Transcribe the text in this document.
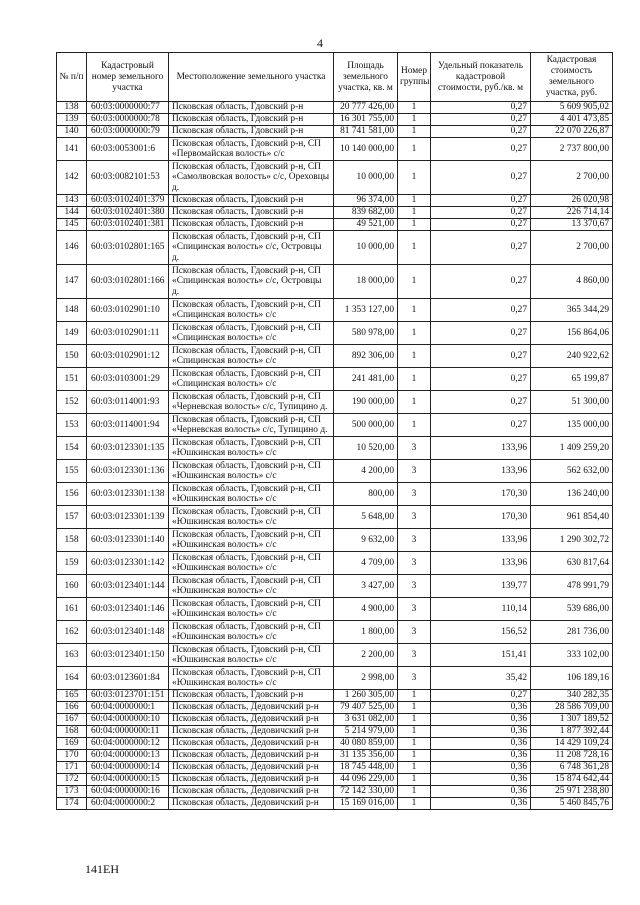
4
№ п/п	Кадастровый номер земельного участка	Местоположение земельного участка	Площадь земельного участка, кв. м	Номер группы	Удельный показатель кадастровой стоимости, руб./кв. м	Кадастровая стоимость земельного участка, руб.
138	60:03:0000000:77	Псковская область, Гдовский р-н	20 777 426,00	1	0,27	5 609 905,02
139	60:03:0000000:78	Псковская область, Гдовский р-н	16 301 755,00	1	0,27	4 401 473,85
140	60:03:0000000:79	Псковская область, Гдовский р-н	81 741 581,00	1	0,27	22 070 226,87
141	60:03:0053001:6	Псковская область, Гдовский р-н, СП «Первомайская волость» с/с	10 140 000,00	1	0,27	2 737 800,00
142	60:03:0082101:53	Псковская область, Гдовский р-н, СП «Самолвовская волость» с/с, Ореховцы д.	10 000,00	1	0,27	2 700,00
143	60:03:0102401:379	Псковская область, Гдовский р-н	96 374,00	1	0,27	26 020,98
144	60:03:0102401:380	Псковская область, Гдовский р-н	839 682,00	1	0,27	226 714,14
145	60:03:0102401:381	Псковская область, Гдовский р-н	49 521,00	1	0,27	13 370,67
146	60:03:0102801:165	Псковская область, Гдовский р-н, СП «Спицинская волость» с/с, Островцы д.	10 000,00	1	0,27	2 700,00
147	60:03:0102801:166	Псковская область, Гдовский р-н, СП «Спицинская волость» с/с, Островцы д.	18 000,00	1	0,27	4 860,00
148	60:03:0102901:10	Псковская область, Гдовский р-н, СП «Спицинская волость» с/с	1 353 127,00	1	0,27	365 344,29
149	60:03:0102901:11	Псковская область, Гдовский р-н, СП «Спицинская волость» с/с	580 978,00	1	0,27	156 864,06
150	60:03:0102901:12	Псковская область, Гдовский р-н, СП «Спицинская волость» с/с	892 306,00	1	0,27	240 922,62
151	60:03:0103001:29	Псковская область, Гдовский р-н, СП «Спицинская волость» с/с	241 481,00	1	0,27	65 199,87
152	60:03:0114001:93	Псковская область, Гдовский р-н, СП «Черневская волость» с/с, Тупицино д.	190 000,00	1	0,27	51 300,00
153	60:03:0114001:94	Псковская область, Гдовский р-н, СП «Черневская волость» с/с, Тупицино д.	500 000,00	1	0,27	135 000,00
154	60:03:0123301:135	Псковская область, Гдовский р-н, СП «Юшкинская волость» с/с	10 520,00	3	133,96	1 409 259,20
155	60:03:0123301:136	Псковская область, Гдовский р-н, СП «Юшкинская волость» с/с	4 200,00	3	133,96	562 632,00
156	60:03:0123301:138	Псковская область, Гдовский р-н, СП «Юшкинская волость» с/с	800,00	3	170,30	136 240,00
157	60:03:0123301:139	Псковская область, Гдовский р-н, СП «Юшкинская волость» с/с	5 648,00	3	170,30	961 854,40
158	60:03:0123301:140	Псковская область, Гдовский р-н, СП «Юшкинская волость» с/с	9 632,00	3	133,96	1 290 302,72
159	60:03:0123301:142	Псковская область, Гдовский р-н, СП «Юшкинская волость» с/с	4 709,00	3	133,96	630 817,64
160	60:03:0123401:144	Псковская область, Гдовский р-н, СП «Юшкинская волость» с/с	3 427,00	3	139,77	478 991,79
161	60:03:0123401:146	Псковская область, Гдовский р-н, СП «Юшкинская волость» с/с	4 900,00	3	110,14	539 686,00
162	60:03:0123401:148	Псковская область, Гдовский р-н, СП «Юшкинская волость» с/с	1 800,00	3	156,52	281 736,00
163	60:03:0123401:150	Псковская область, Гдовский р-н, СП «Юшкинская волость» с/с	2 200,00	3	151,41	333 102,00
164	60:03:0123601:84	Псковская область, Гдовский р-н, СП «Юшкинская волость» с/с	2 998,00	3	35,42	106 189,16
165	60:03:0123701:151	Псковская область, Гдовский р-н	1 260 305,00	1	0,27	340 282,35
166	60:04:0000000:1	Псковская область, Дедовичский р-н	79 407 525,00	1	0,36	28 586 709,00
167	60:04:0000000:10	Псковская область, Дедовичский р-н	3 631 082,00	1	0,36	1 307 189,52
168	60:04:0000000:11	Псковская область, Дедовичский р-н	5 214 979,00	1	0,36	1 877 392,44
169	60:04:0000000:12	Псковская область, Дедовичский р-н	40 080 859,00	1	0,36	14 429 109,24
170	60:04:0000000:13	Псковская область, Дедовичский р-н	31 135 356,00	1	0,36	11 208 728,16
171	60:04:0000000:14	Псковская область, Дедовичский р-н	18 745 448,00	1	0,36	6 748 361,28
172	60:04:0000000:15	Псковская область, Дедовичский р-н	44 096 229,00	1	0,36	15 874 642,44
173	60:04:0000000:16	Псковская область, Дедовичский р-н	72 142 330,00	1	0,36	25 971 238,80
174	60:04:0000000:2	Псковская область, Дедовичский р-н	15 169 016,00	1	0,36	5 460 845,76
141ЕН
